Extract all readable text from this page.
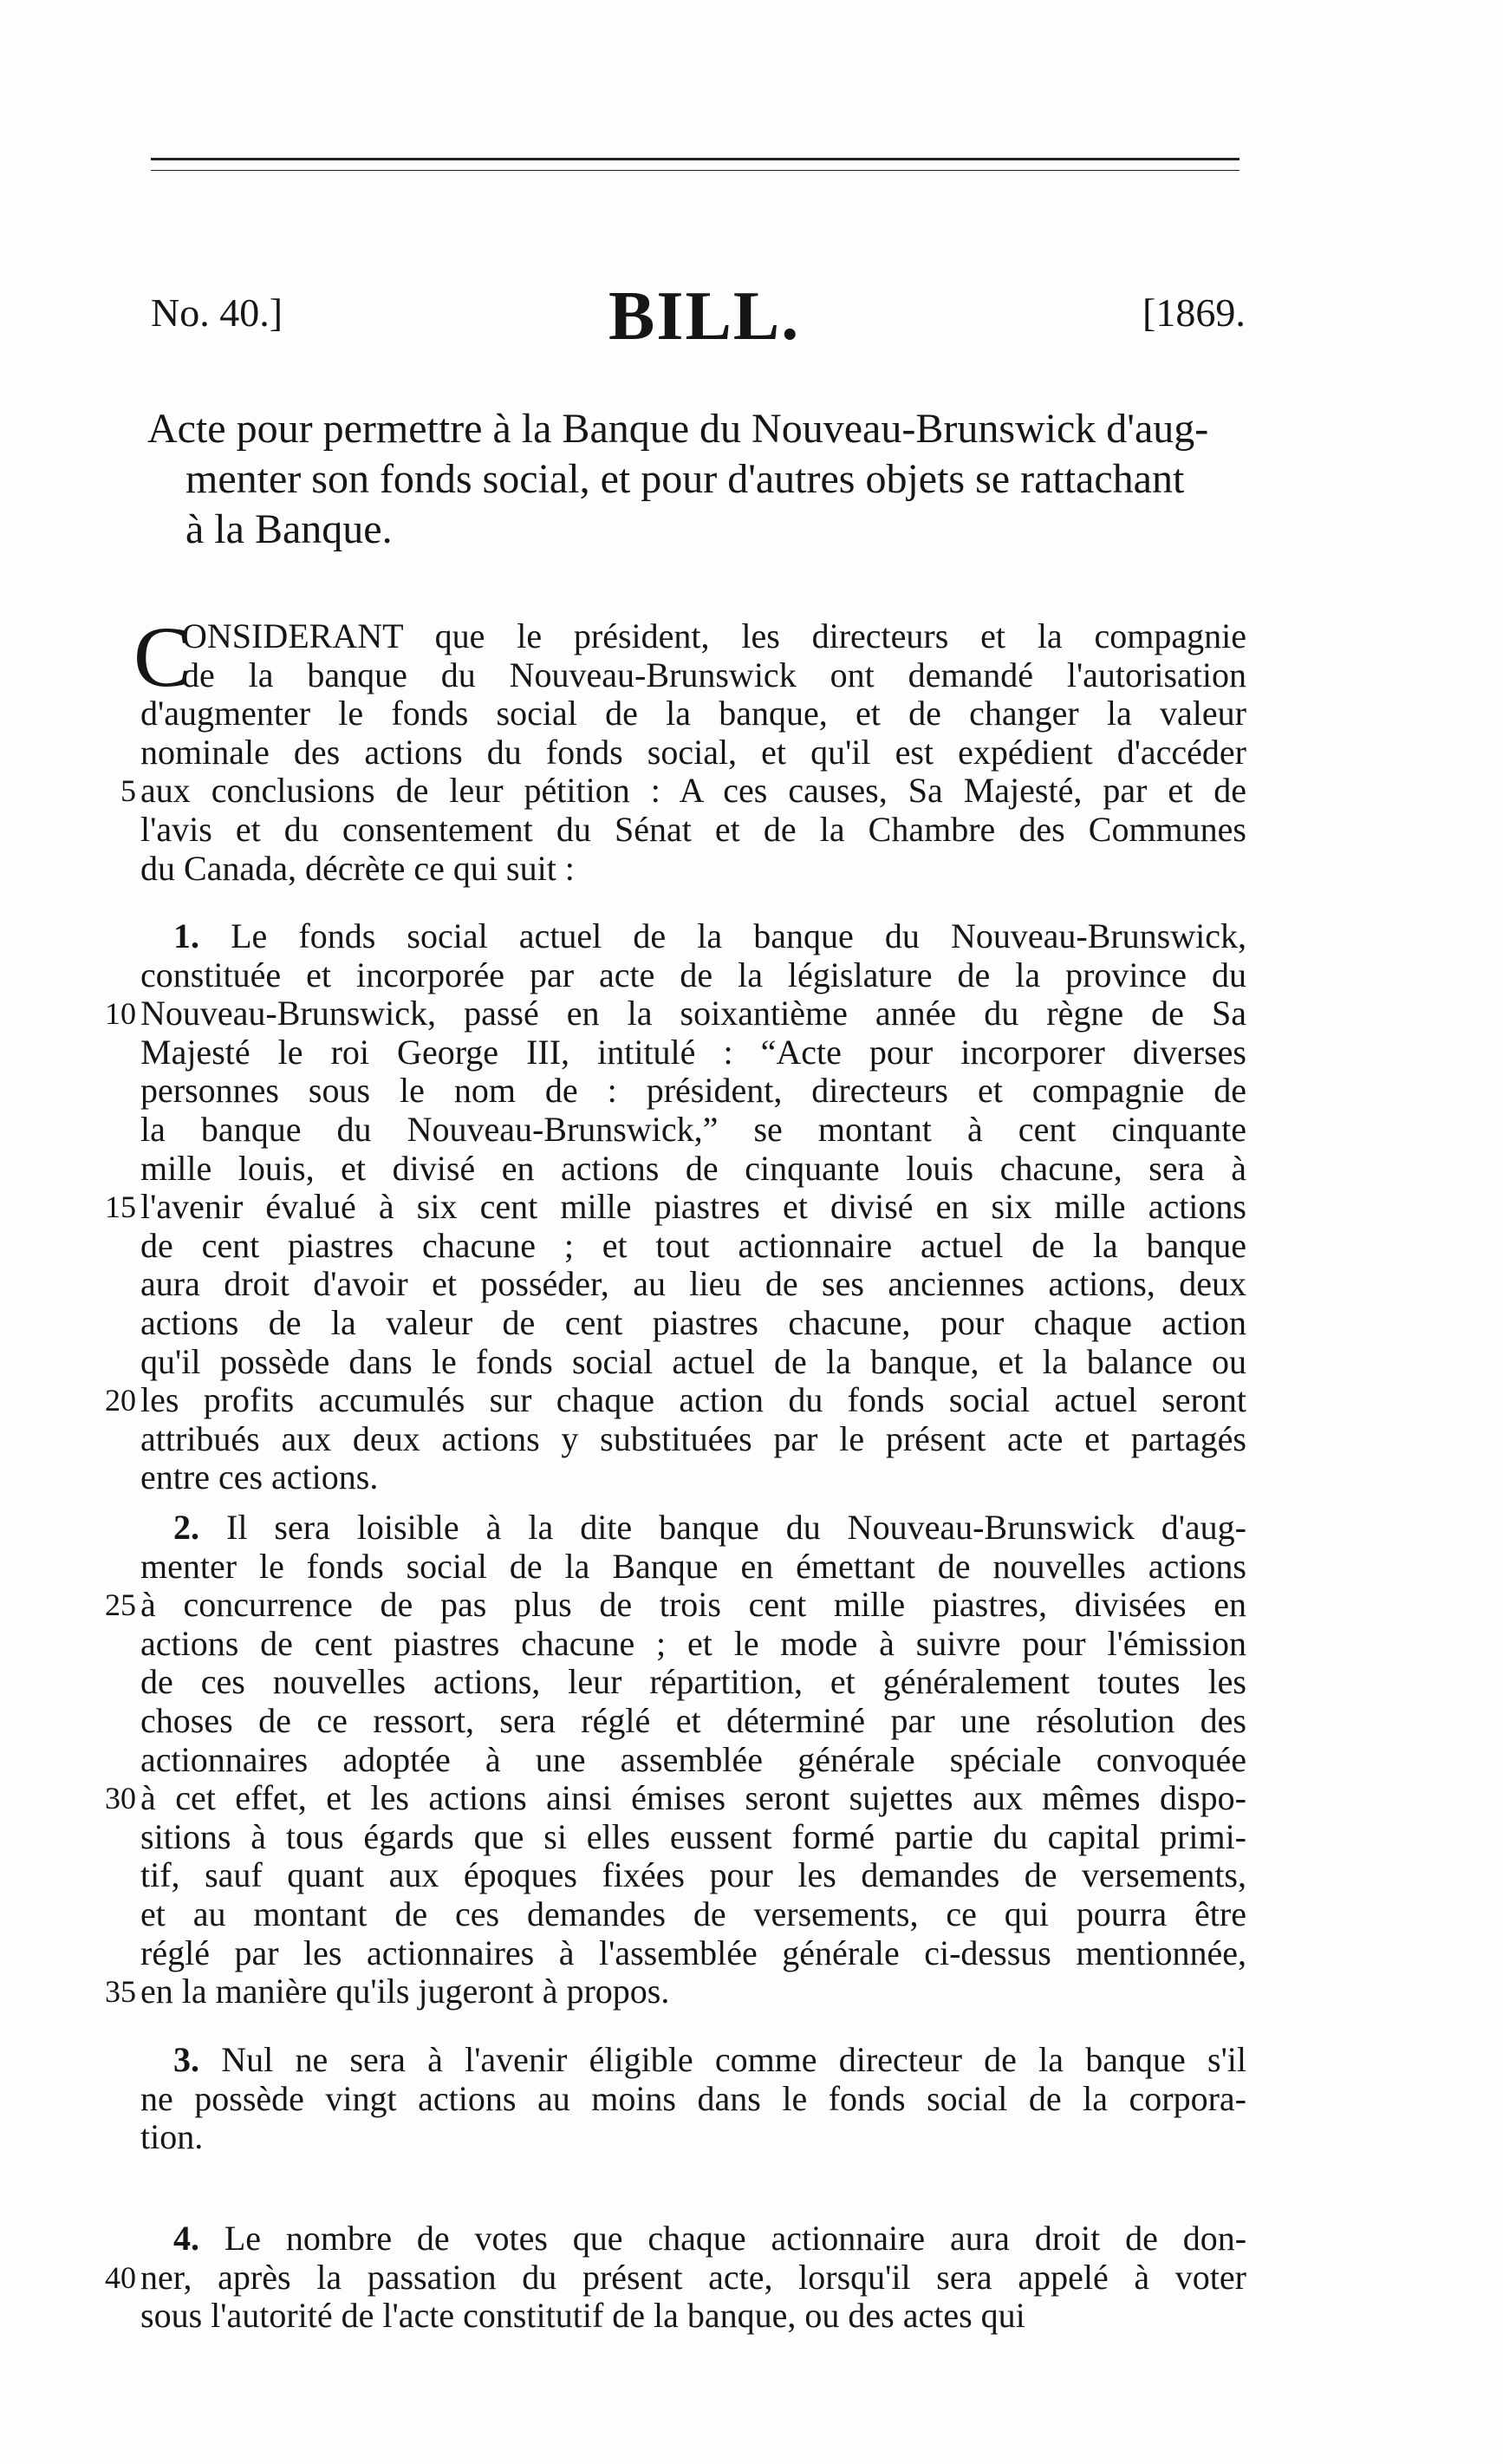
No. 40.]	BILL.	[1869.
Acte pour permettre à la Banque du Nouveau-Brunswick d'aug-
menter son fonds social, et pour d'autres objets se rattachant
à la Banque.
C
ONSIDERANT que le président, les directeurs et la compagnie
de la banque du Nouveau-Brunswick ont demandé l'autorisation
d'augmenter le fonds social de la banque, et de changer la valeur
nominale des actions du fonds social, et qu'il est expédient d'accéder
5 aux conclusions de leur pétition : A ces causes, Sa Majesté, par et de
l'avis et du consentement du Sénat et de la Chambre des Communes
du Canada, décrète ce qui suit :
1. Le fonds social actuel de la banque du Nouveau-Brunswick,
constituée et incorporée par acte de la législature de la province du
10 Nouveau-Brunswick, passé en la soixantième année du règne de Sa
Majesté le roi George III, intitulé : “Acte pour incorporer diverses
personnes sous le nom de : président, directeurs et compagnie de
la banque du Nouveau-Brunswick,” se montant à cent cinquante
mille louis, et divisé en actions de cinquante louis chacune, sera à
15 l'avenir évalué à six cent mille piastres et divisé en six mille actions
de cent piastres chacune ; et tout actionnaire actuel de la banque
aura droit d'avoir et posséder, au lieu de ses anciennes actions, deux
actions de la valeur de cent piastres chacune, pour chaque action
qu'il possède dans le fonds social actuel de la banque, et la balance ou
20 les profits accumulés sur chaque action du fonds social actuel seront
attribués aux deux actions y substituées par le présent acte et partagés
entre ces actions.
2. Il sera loisible à la dite banque du Nouveau-Brunswick d'aug-
menter le fonds social de la Banque en émettant de nouvelles actions
25 à concurrence de pas plus de trois cent mille piastres, divisées en
actions de cent piastres chacune ; et le mode à suivre pour l'émission
de ces nouvelles actions, leur répartition, et généralement toutes les
choses de ce ressort, sera réglé et déterminé par une résolution des
actionnaires adoptée à une assemblée générale spéciale convoquée
30 à cet effet, et les actions ainsi émises seront sujettes aux mêmes dispo-
sitions à tous égards que si elles eussent formé partie du capital primi-
tif, sauf quant aux époques fixées pour les demandes de versements,
et au montant de ces demandes de versements, ce qui pourra être
réglé par les actionnaires à l'assemblée générale ci-dessus mentionnée,
35 en la manière qu'ils jugeront à propos.
3. Nul ne sera à l'avenir éligible comme directeur de la banque s'il
ne possède vingt actions au moins dans le fonds social de la corpora-
tion.
4. Le nombre de votes que chaque actionnaire aura droit de don-
40 ner, après la passation du présent acte, lorsqu'il sera appelé à voter
sous l'autorité de l'acte constitutif de la banque, ou des actes qui
